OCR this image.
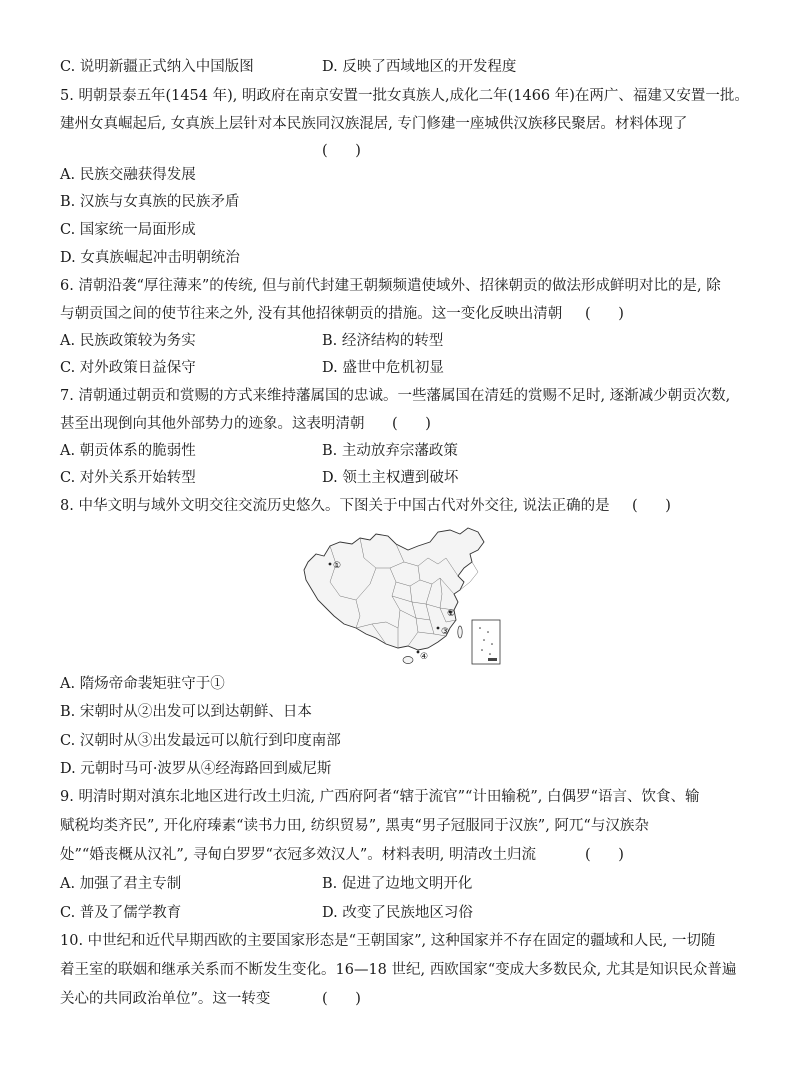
C. 说明新疆正式纳入中国版图	D. 反映了西域地区的开发程度
5. 明朝景泰五年(1454 年), 明政府在南京安置一批女真族人,成化二年(1466 年)在两广、福建又安置一批。
建州女真崛起后, 女真族上层针对本民族同汉族混居, 专门修建一座城供汉族移民聚居。材料体现了
(      )
A. 民族交融获得发展
B. 汉族与女真族的民族矛盾
C. 国家统一局面形成
D. 女真族崛起冲击明朝统治
6. 清朝沿袭“厚往薄来”的传统, 但与前代封建王朝频频遣使域外、招徕朝贡的做法形成鲜明对比的是, 除
与朝贡国之间的使节往来之外, 没有其他招徕朝贡的措施。这一变化反映出清朝 (      )
A. 民族政策较为务实	B. 经济结构的转型
C. 对外政策日益保守	D. 盛世中危机初显
7. 清朝通过朝贡和赏赐的方式来维持藩属国的忠诚。一些藩属国在清廷的赏赐不足时, 逐渐减少朝贡次数,
甚至出现倒向其他外部势力的迹象。这表明清朝 (      )
A. 朝贡体系的脆弱性	B. 主动放弃宗藩政策
C. 对外关系开始转型	D. 领土主权遭到破坏
8. 中华文明与域外文明交往交流历史悠久。下图关于中国古代对外交往, 说法正确的是 (      )
①
②
③
④
A. 隋炀帝命裴矩驻守于①
B. 宋朝时从②出发可以到达朝鲜、日本
C. 汉朝时从③出发最远可以航行到印度南部
D. 元朝时马可·波罗从④经海路回到威尼斯
9. 明清时期对滇东北地区进行改土归流, 广西府阿者“辖于流官”“计田输税”, 白偶罗“语言、饮食、输
赋税均类齐民”, 开化府瑧素“读书力田, 纺织贸易”, 黑夷“男子冠服同于汉族”, 阿兀“与汉族杂
处”“婚丧概从汉礼”, 寻甸白罗罗“衣冠多效汉人”。材料表明, 明清改土归流	(      )
A. 加强了君主专制	B. 促进了边地文明开化
C. 普及了儒学教育	D. 改变了民族地区习俗
10. 中世纪和近代早期西欧的主要国家形态是“王朝国家”, 这种国家并不存在固定的疆域和人民, 一切随
着王室的联姻和继承关系而不断发生变化。16—18 世纪, 西欧国家“变成大多数民众, 尤其是知识民众普遍
关心的共同政治单位”。这一转变	(      )
